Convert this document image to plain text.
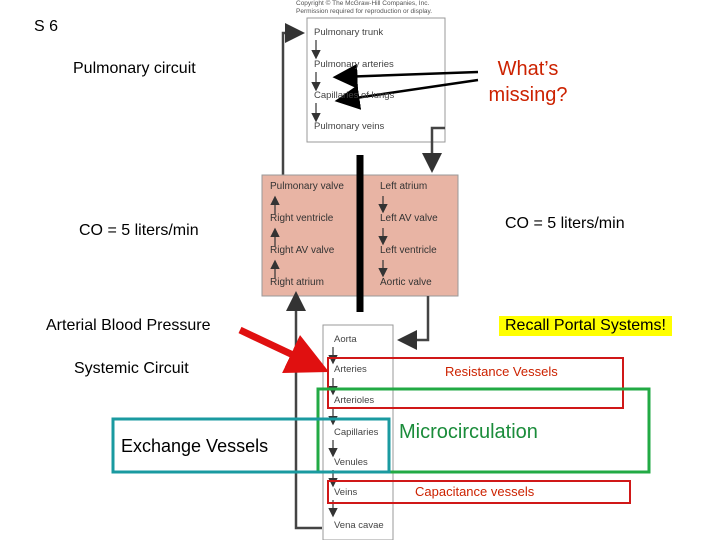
S 6
Copyright © The McGraw-Hill Companies, Inc.
Permission required for reproduction or display.
Pulmonary trunk
Pulmonary arteries
Capillaries of lungs
Pulmonary veins
Pulmonary valve
Right ventricle
Right AV valve
Right atrium
Left atrium
Left AV valve
Left ventricle
Aortic valve
Aorta
Arteries
Arterioles
Capillaries
Venules
Veins
Vena cavae
Pulmonary circuit	What’s missing?
CO = 5 liters/min	CO = 5 liters/min
Arterial Blood Pressure	Recall Portal Systems!
Systemic Circuit	Resistance Vessels
Exchange Vessels
Microcirculation
Capacitance vessels
